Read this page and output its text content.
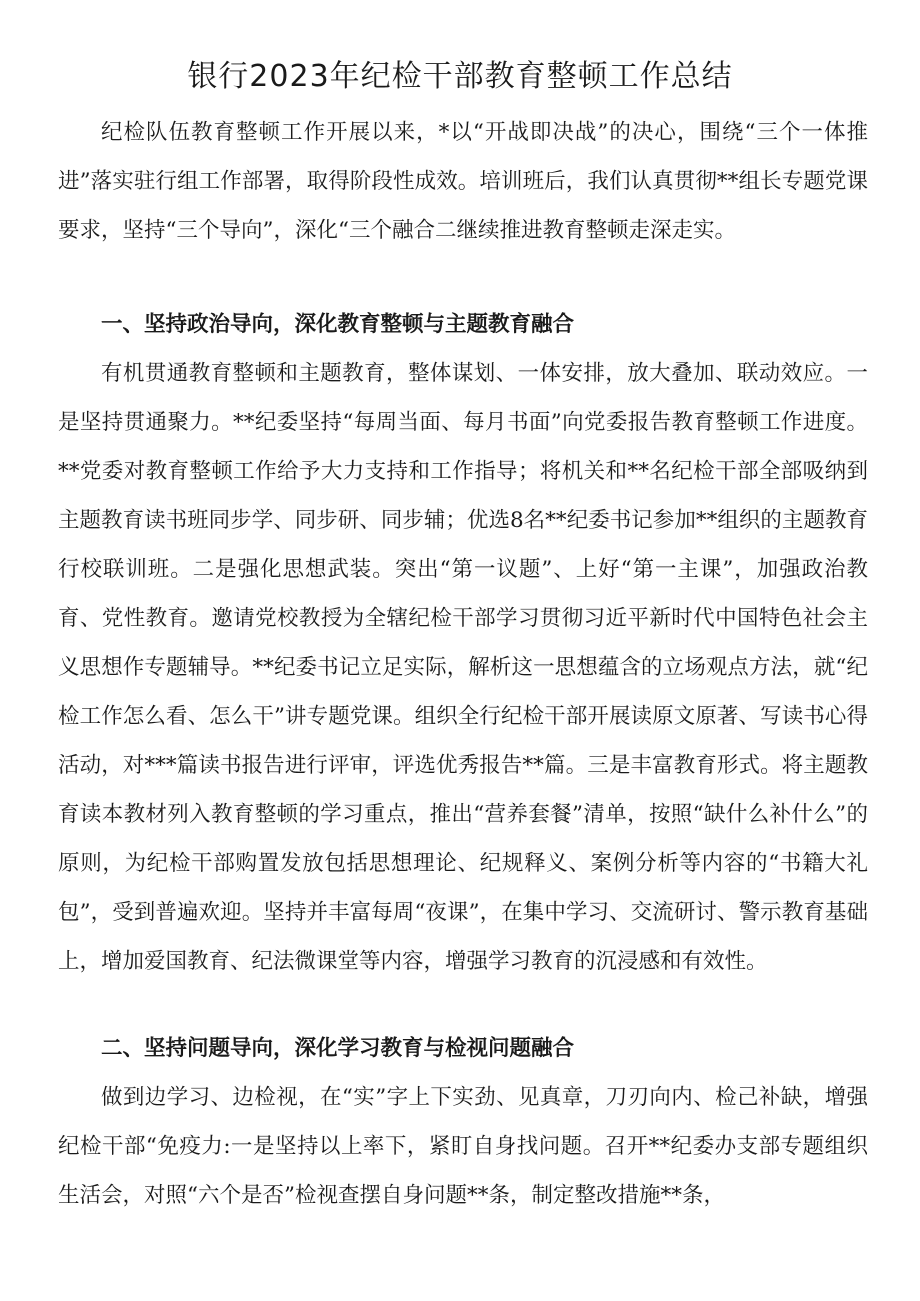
银行2023年纪检干部教育整顿工作总结

纪检队伍教育整顿工作开展以来，*以“开战即决战”的决心，围绕“三个一体推进”落实驻行组工作部署，取得阶段性成效。培训班后，我们认真贯彻**组长专题党课要求，坚持“三个导向”，深化“三个融合二继续推进教育整顿走深走实。

一、坚持政治导向，深化教育整顿与主题教育融合

有机贯通教育整顿和主题教育，整体谋划、一体安排，放大叠加、联动效应。一是坚持贯通聚力。**纪委坚持“每周当面、每月书面”向党委报告教育整顿工作进度。**党委对教育整顿工作给予大力支持和工作指导；将机关和**名纪检干部全部吸纳到主题教育读书班同步学、同步研、同步辅；优选8名**纪委书记参加**组织的主题教育行校联训班。二是强化思想武装。突出“第一议题”、上好“第一主课”，加强政治教育、党性教育。邀请党校教授为全辖纪检干部学习贯彻习近平新时代中国特色社会主义思想作专题辅导。**纪委书记立足实际，解析这一思想蕴含的立场观点方法，就“纪检工作怎么看、怎么干”讲专题党课。组织全行纪检干部开展读原文原著、写读书心得活动，对***篇读书报告进行评审，评选优秀报告**篇。三是丰富教育形式。将主题教育读本教材列入教育整顿的学习重点，推出“营养套餐”清单，按照“缺什么补什么”的原则，为纪检干部购置发放包括思想理论、纪规释义、案例分析等内容的“书籍大礼包”，受到普遍欢迎。坚持并丰富每周“夜课”，在集中学习、交流研讨、警示教育基础上，增加爱国教育、纪法微课堂等内容，增强学习教育的沉浸感和有效性。

二、坚持问题导向，深化学习教育与检视问题融合

做到边学习、边检视，在“实”字上下实劲、见真章，刀刃向内、检己补缺，增强纪检干部“免疫力:一是坚持以上率下，紧盯自身找问题。召开**纪委办支部专题组织生活会，对照“六个是否”检视查摆自身问题**条，制定整改措施**条，
